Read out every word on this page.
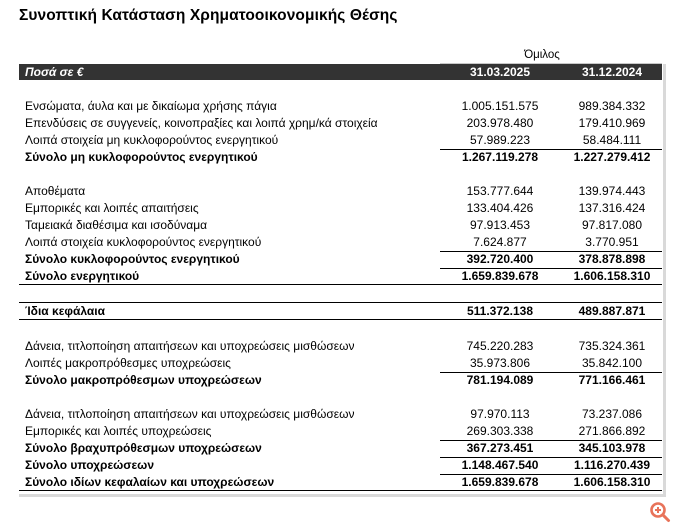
Συνοπτική Κατάσταση Χρηματοοικονομικής Θέσης
Όμιλος
Ποσά σε €	31.03.2025	31.12.2024
Ενσώματα, άυλα και με δικαίωμα χρήσης πάγια	1.005.151.575	989.384.332
Επενδύσεις σε συγγενείς, κοινοπραξίες και λοιπά χρημ/κά στοιχεία	203.978.480	179.410.969
Λοιπά στοιχεία μη κυκλοφορούντος ενεργητικού	57.989.223	58.484.111
Σύνολο μη κυκλοφορούντος ενεργητικού	1.267.119.278	1.227.279.412
Αποθέματα	153.777.644	139.974.443
Εμπορικές και λοιπές απαιτήσεις	133.404.426	137.316.424
Ταμειακά διαθέσιμα και ισοδύναμα	97.913.453	97.817.080
Λοιπά στοιχεία κυκλοφορούντος ενεργητικού	7.624.877	3.770.951
Σύνολο κυκλοφορούντος ενεργητικού	392.720.400	378.878.898
Σύνολο ενεργητικού	1.659.839.678	1.606.158.310
Ίδια κεφάλαια	511.372.138	489.887.871
Δάνεια, τιτλοποίηση απαιτήσεων και υποχρεώσεις μισθώσεων	745.220.283	735.324.361
Λοιπές μακροπρόθεσμες υποχρεώσεις	35.973.806	35.842.100
Σύνολο μακροπρόθεσμων υποχρεώσεων	781.194.089	771.166.461
Δάνεια, τιτλοποίηση απαιτήσεων και υποχρεώσεις μισθώσεων	97.970.113	73.237.086
Εμπορικές και λοιπές υποχρεώσεις	269.303.338	271.866.892
Σύνολο βραχυπρόθεσμων υποχρεώσεων	367.273.451	345.103.978
Σύνολο υποχρεώσεων	1.148.467.540	1.116.270.439
Σύνολο ιδίων κεφαλαίων και υποχρεώσεων	1.659.839.678	1.606.158.310
